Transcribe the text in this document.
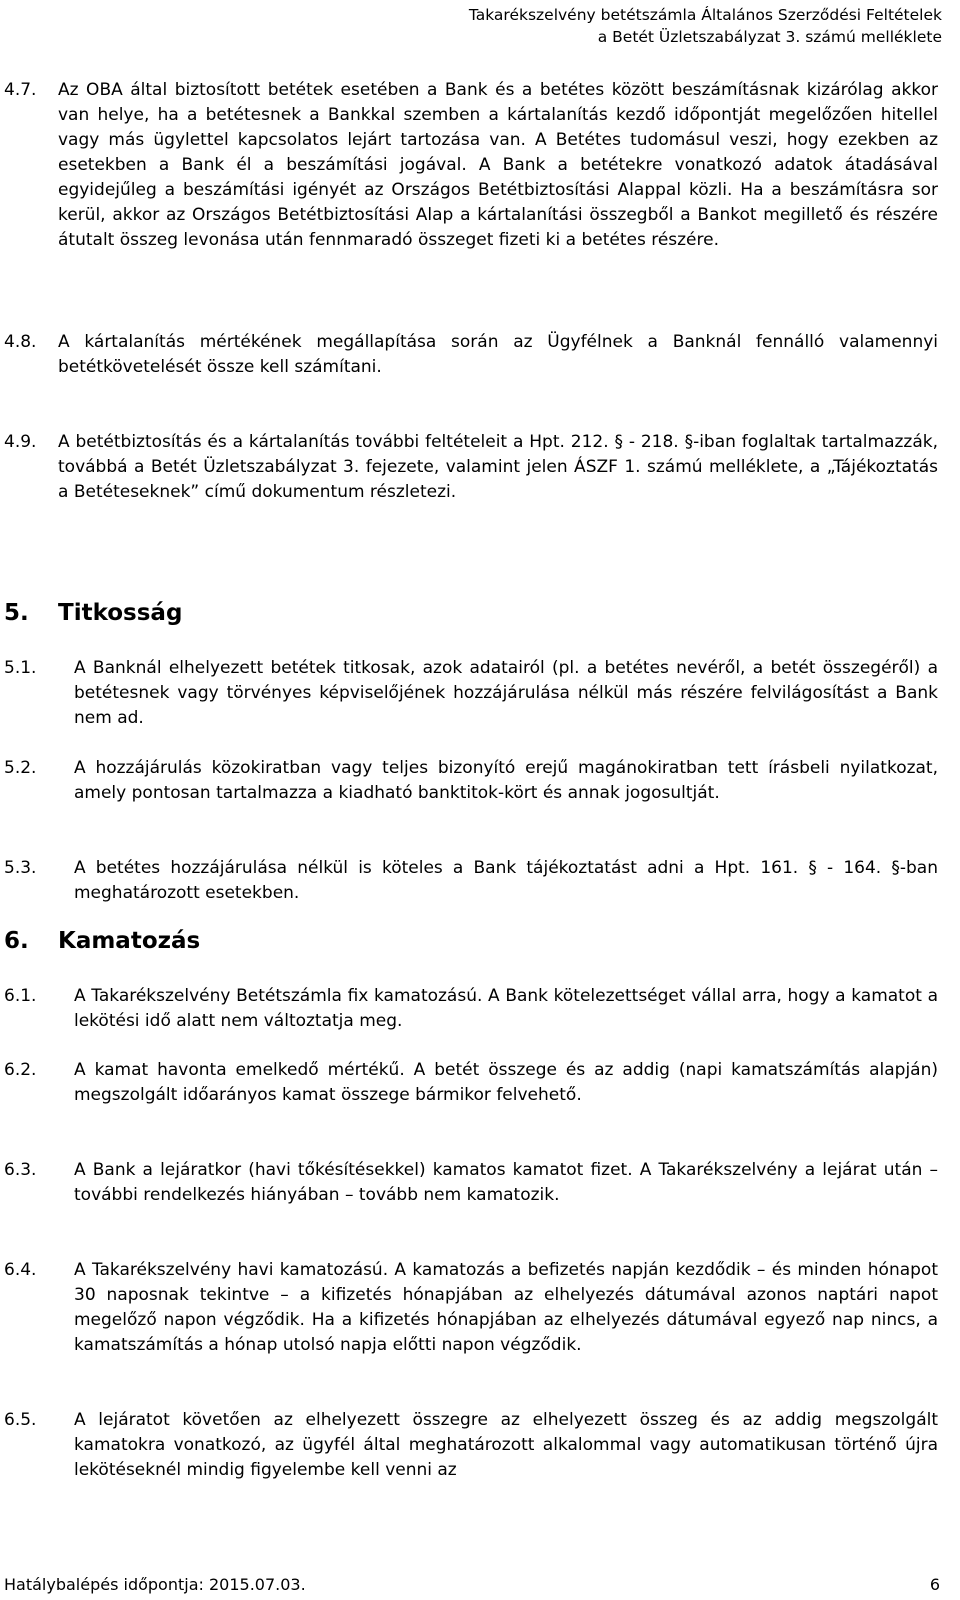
Takarékszelvény betétszámla Általános Szerződési Feltételek
a Betét Üzletszabályzat 3. számú melléklete
4.7.	Az OBA által biztosított betétek esetében a Bank és a betétes között beszámításnak kizárólag akkor van helye, ha a betétesnek a Bankkal szemben a kártalanítás kezdő időpontját megelőzően hitellel vagy más ügylettel kapcsolatos lejárt tartozása van. A Betétes tudomásul veszi, hogy ezekben az esetekben a Bank él a beszámítási jogával. A Bank a betétekre vonatkozó adatok átadásával egyidejűleg a beszámítási igényét az Országos Betétbiztosítási Alappal közli. Ha a beszámításra sor kerül, akkor az Országos Betétbiztosítási Alap a kártalanítási összegből a Bankot megillető és részére átutalt összeg levonása után fennmaradó összeget fizeti ki a betétes részére.
4.8.	A kártalanítás mértékének megállapítása során az Ügyfélnek a Banknál fennálló valamennyi betétkövetelését össze kell számítani.
4.9.	A betétbiztosítás és a kártalanítás további feltételeit a Hpt. 212. § - 218. §-iban foglaltak tartalmazzák, továbbá a Betét Üzletszabályzat 3. fejezete, valamint jelen ÁSZF 1. számú melléklete, a „Tájékoztatás a Betéteseknek” című dokumentum részletezi.
5. Titkosság
5.1.	A Banknál elhelyezett betétek titkosak, azok adatairól (pl. a betétes nevéről, a betét összegéről) a betétesnek vagy törvényes képviselőjének hozzájárulása nélkül más részére felvilágosítást a Bank nem ad.
5.2.	A hozzájárulás közokiratban vagy teljes bizonyító erejű magánokiratban tett írásbeli nyilatkozat, amely pontosan tartalmazza a kiadható banktitok-kört és annak jogosultját.
5.3.	A betétes hozzájárulása nélkül is köteles a Bank tájékoztatást adni a Hpt. 161. § - 164. §-ban meghatározott esetekben.
6. Kamatozás
6.1.	A Takarékszelvény Betétszámla fix kamatozású. A Bank kötelezettséget vállal arra, hogy a kamatot a lekötési idő alatt nem változtatja meg.
6.2.	A kamat havonta emelkedő mértékű. A betét összege és az addig (napi kamatszámítás alapján) megszolgált időarányos kamat összege bármikor felvehető.
6.3.	A Bank a lejáratkor (havi tőkésítésekkel) kamatos kamatot fizet. A Takarékszelvény a lejárat után – további rendelkezés hiányában – tovább nem kamatozik.
6.4.	A Takarékszelvény havi kamatozású. A kamatozás a befizetés napján kezdődik – és minden hónapot 30 naposnak tekintve – a kifizetés hónapjában az elhelyezés dátumával azonos naptári napot megelőző napon végződik. Ha a kifizetés hónapjában az elhelyezés dátumával egyező nap nincs, a kamatszámítás a hónap utolsó napja előtti napon végződik.
6.5.	A lejáratot követően az elhelyezett összegre az elhelyezett összeg és az addig megszolgált kamatokra vonatkozó, az ügyfél által meghatározott alkalommal vagy automatikusan történő újra lekötéseknél mindig figyelembe kell venni az
Hatálybalépés időpontja: 2015.07.03.	6
